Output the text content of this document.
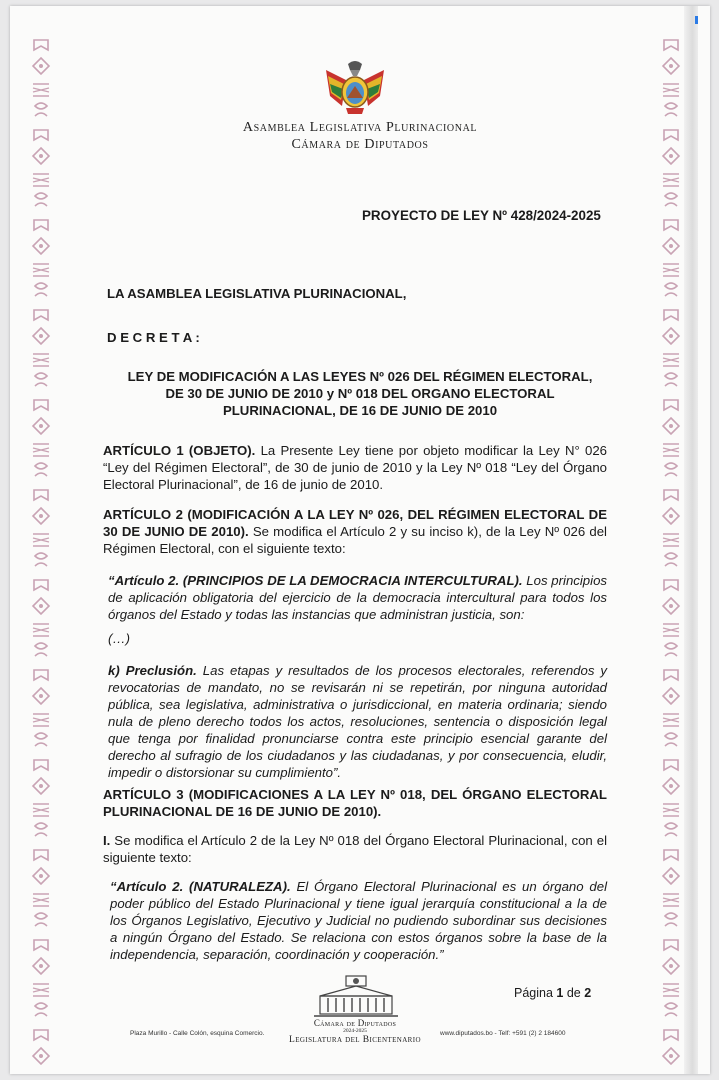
Asamblea Legislativa Plurinacional
Cámara de Diputados
PROYECTO DE LEY Nº 428/2024-2025
LA ASAMBLEA LEGISLATIVA PLURINACIONAL,
D E C R E T A :
LEY DE MODIFICACIÓN A LAS LEYES Nº 026 DEL RÉGIMEN ELECTORAL,
DE 30 DE JUNIO DE 2010 y Nº 018 DEL ORGANO ELECTORAL
PLURINACIONAL, DE 16 DE JUNIO DE 2010
ARTÍCULO 1 (OBJETO). La Presente Ley tiene por objeto modificar la Ley N° 026 “Ley del Régimen Electoral”, de 30 de junio de 2010 y la Ley Nº 018 “Ley del Órgano Electoral Plurinacional”, de 16 de junio de 2010.
ARTÍCULO 2 (MODIFICACIÓN A LA LEY Nº 026, DEL RÉGIMEN ELECTORAL DE 30 DE JUNIO DE 2010). Se modifica el Artículo 2 y su inciso k), de la Ley Nº 026 del Régimen Electoral, con el siguiente texto:
“Artículo 2. (PRINCIPIOS DE LA DEMOCRACIA INTERCULTURAL). Los principios de aplicación obligatoria del ejercicio de la democracia intercultural para todos los órganos del Estado y todas las instancias que administran justicia, son:
(…)
k) Preclusión. Las etapas y resultados de los procesos electorales, referendos y revocatorias de mandato, no se revisarán ni se repetirán, por ninguna autoridad pública, sea legislativa, administrativa o jurisdiccional, en materia ordinaria; siendo nula de pleno derecho todos los actos, resoluciones, sentencia o disposición legal que tenga por finalidad pronunciarse contra este principio esencial garante del derecho al sufragio de los ciudadanos y las ciudadanas, y por consecuencia, eludir, impedir o distorsionar su cumplimiento”.
ARTÍCULO 3 (MODIFICACIONES A LA LEY Nº 018, DEL ÓRGANO ELECTORAL PLURINACIONAL DE 16 DE JUNIO DE 2010).
I. Se modifica el Artículo 2 de la Ley Nº 018 del Órgano Electoral Plurinacional, con el siguiente texto:
“Artículo 2. (NATURALEZA). El Órgano Electoral Plurinacional es un órgano del poder público del Estado Plurinacional y tiene igual jerarquía constitucional a la de los Órganos Legislativo, Ejecutivo y Judicial no pudiendo subordinar sus decisiones a ningún Órgano del Estado. Se relaciona con estos órganos sobre la base de la independencia, separación, coordinación y cooperación.”
Página 1 de 2
Cámara de Diputados
2024-2025
Legislatura del Bicentenario
Plaza Murillo - Calle Colón, esquina Comercio.	www.diputados.bo - Telf: +591 (2) 2 184600
